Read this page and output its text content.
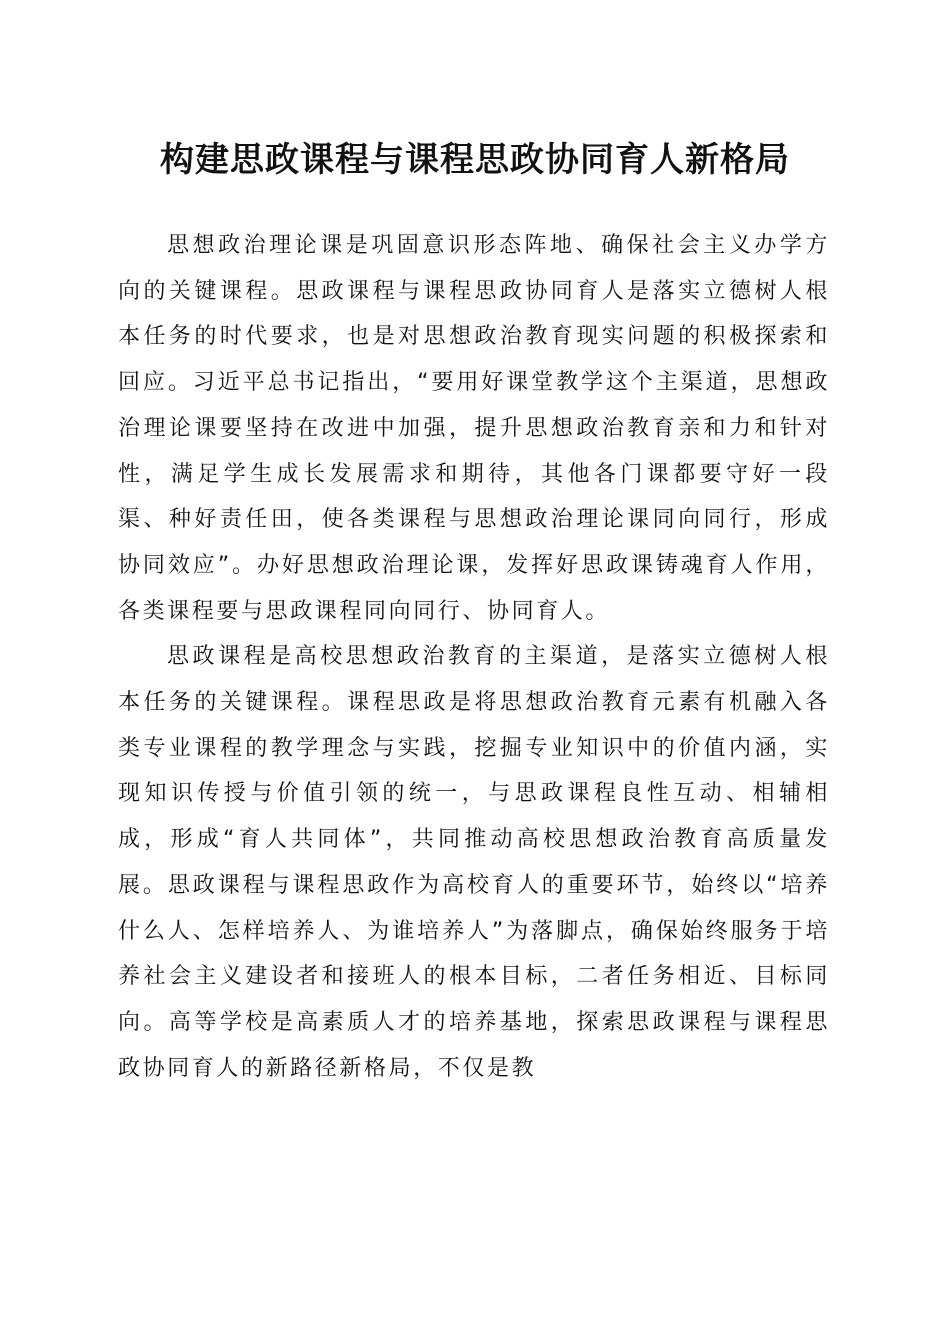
构建思政课程与课程思政协同育人新格局

思想政治理论课是巩固意识形态阵地、确保社会主义办学方向的关键课程。思政课程与课程思政协同育人是落实立德树人根本任务的时代要求，也是对思想政治教育现实问题的积极探索和回应。习近平总书记指出，“要用好课堂教学这个主渠道，思想政治理论课要坚持在改进中加强，提升思想政治教育亲和力和针对性，满足学生成长发展需求和期待，其他各门课都要守好一段渠、种好责任田，使各类课程与思想政治理论课同向同行，形成协同效应”。办好思想政治理论课，发挥好思政课铸魂育人作用，各类课程要与思政课程同向同行、协同育人。

思政课程是高校思想政治教育的主渠道，是落实立德树人根本任务的关键课程。课程思政是将思想政治教育元素有机融入各类专业课程的教学理念与实践，挖掘专业知识中的价值内涵，实现知识传授与价值引领的统一，与思政课程良性互动、相辅相成，形成“育人共同体”，共同推动高校思想政治教育高质量发展。思政课程与课程思政作为高校育人的重要环节，始终以“培养什么人、怎样培养人、为谁培养人”为落脚点，确保始终服务于培养社会主义建设者和接班人的根本目标，二者任务相近、目标同向。高等学校是高素质人才的培养基地，探索思政课程与课程思政协同育人的新路径新格局，不仅是教
